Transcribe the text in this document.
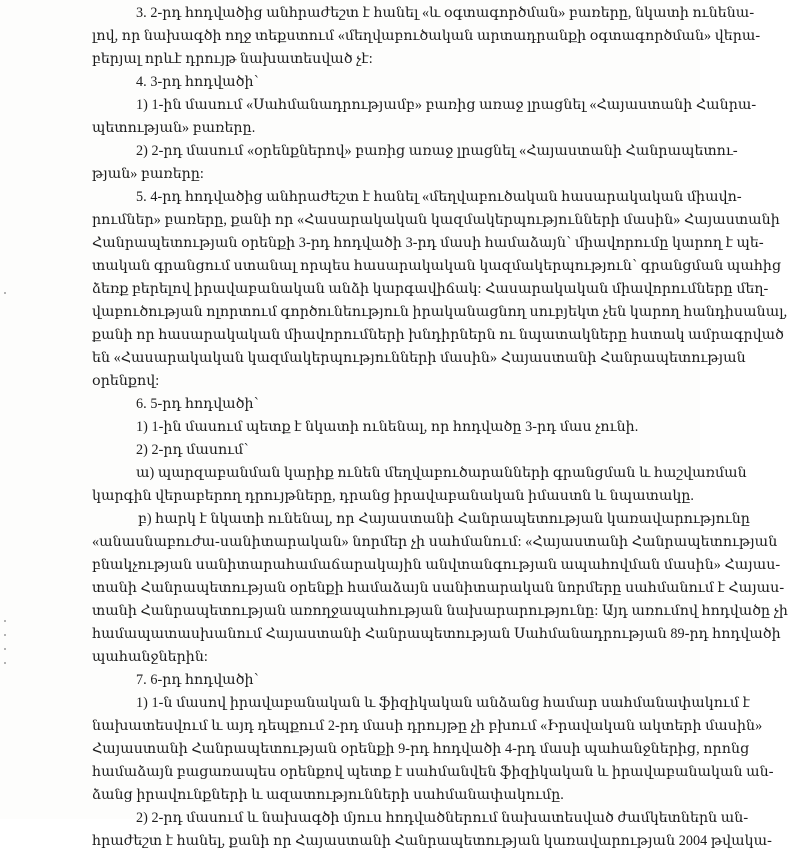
3. 2-րդ հոդվածից անհրաժեշտ է հանել «և օգտագործման» բառերը, նկատի ունենա-
լով, որ նախագծի ողջ տեքստում «մեղվաբուծական արտադրանքի օգտագործման» վերա-
բերյալ որևէ դրույթ նախատեսված չէ:
4. 3-րդ հոդվածի՝
1) 1-ին մասում «Սահմանադրությամբ» բառից առաջ լրացնել «Հայաստանի Հանրա-
պետության» բառերը.
2) 2-րդ մասում «օրենքներով» բառից առաջ լրացնել «Հայաստանի Հանրապետու-
թյան» բառերը:
5. 4-րդ հոդվածից անհրաժեշտ է հանել «մեղվաբուծական հասարակական միավո-
րումներ» բառերը, քանի որ «Հասարակական կազմակերպությունների մասին» Հայաստանի
Հանրապետության օրենքի 3-րդ հոդվածի 3-րդ մասի համաձայն՝ միավորումը կարող է պե-
տական գրանցում ստանալ որպես հասարակական կազմակերպություն՝ գրանցման պահից
ձեռք բերելով իրավաբանական անձի կարգավիճակ: Հասարակական միավորումները մեղ-
վաբուծության ոլորտում գործունեություն իրականացնող սուբյեկտ չեն կարող հանդիսանալ,
քանի որ հասարակական միավորումների խնդիրներն ու նպատակները հստակ ամրագրված
են «Հասարակական կազմակերպությունների մասին» Հայաստանի Հանրապետության
օրենքով:
6. 5-րդ հոդվածի՝
1) 1-ին մասում պետք է նկատի ունենալ, որ հոդվածը 3-րդ մաս չունի.
2) 2-րդ մասում՝
ա) պարզաբանման կարիք ունեն մեղվաբուծարանների գրանցման և հաշվառման
կարգին վերաբերող դրույթները, դրանց իրավաբանական իմաստն և նպատակը.
բ) հարկ է նկատի ունենալ, որ Հայաստանի Հանրապետության կառավարությունը
«անասնաբուժա-սանիտարական» նորմեր չի սահմանում: «Հայաստանի Հանրապետության
բնակչության սանիտարահամաճարակային անվտանգության ապահովման մասին» Հայաս-
տանի Հանրապետության օրենքի համաձայն սանիտարական նորմերը սահմանում է Հայաս-
տանի Հանրապետության առողջապահության նախարարությունը: Այդ առումով հոդվածը չի
համապատասխանում Հայաստանի Հանրապետության Սահմանադրության 89-րդ հոդվածի
պահանջներին:
7. 6-րդ հոդվածի՝
1) 1-ն մասով իրավաբանական և ֆիզիկական անձանց համար սահմանափակում է
նախատեսվում և այդ դեպքում 2-րդ մասի դրույթը չի բխում «Իրավական ակտերի մասին»
Հայաստանի Հանրապետության օրենքի 9-րդ հոդվածի 4-րդ մասի պահանջներից, որոնց
համաձայն բացառապես օրենքով պետք է սահմանվեն ֆիզիկական և իրավաբանական ան-
ձանց իրավունքների և ազատությունների սահմանափակումը.
2) 2-րդ մասում և նախագծի մյուս հոդվածներում նախատեսված ժամկետներն ան-
հրաժեշտ է հանել, քանի որ Հայաստանի Հանրապետության կառավարության 2004 թվակա-
